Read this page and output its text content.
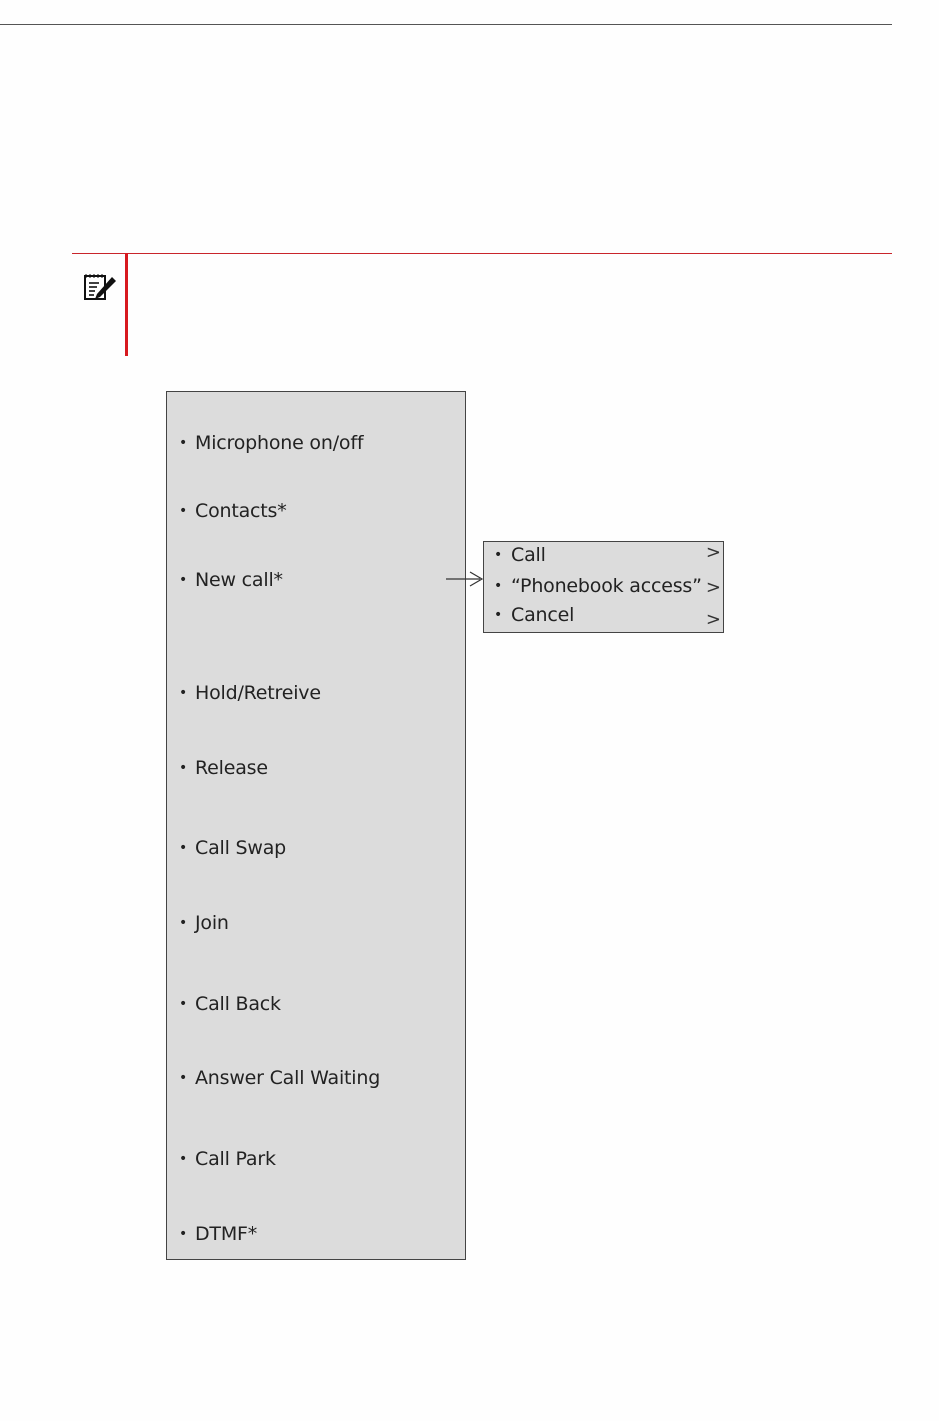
• Microphone on/off
• Contacts*
• New call*
• Hold/Retreive
• Release
• Call Swap
• Join
• Call Back
• Answer Call Waiting
• Call Park
• DTMF*
• Call	>
• “Phonebook access” >
• Cancel	>
